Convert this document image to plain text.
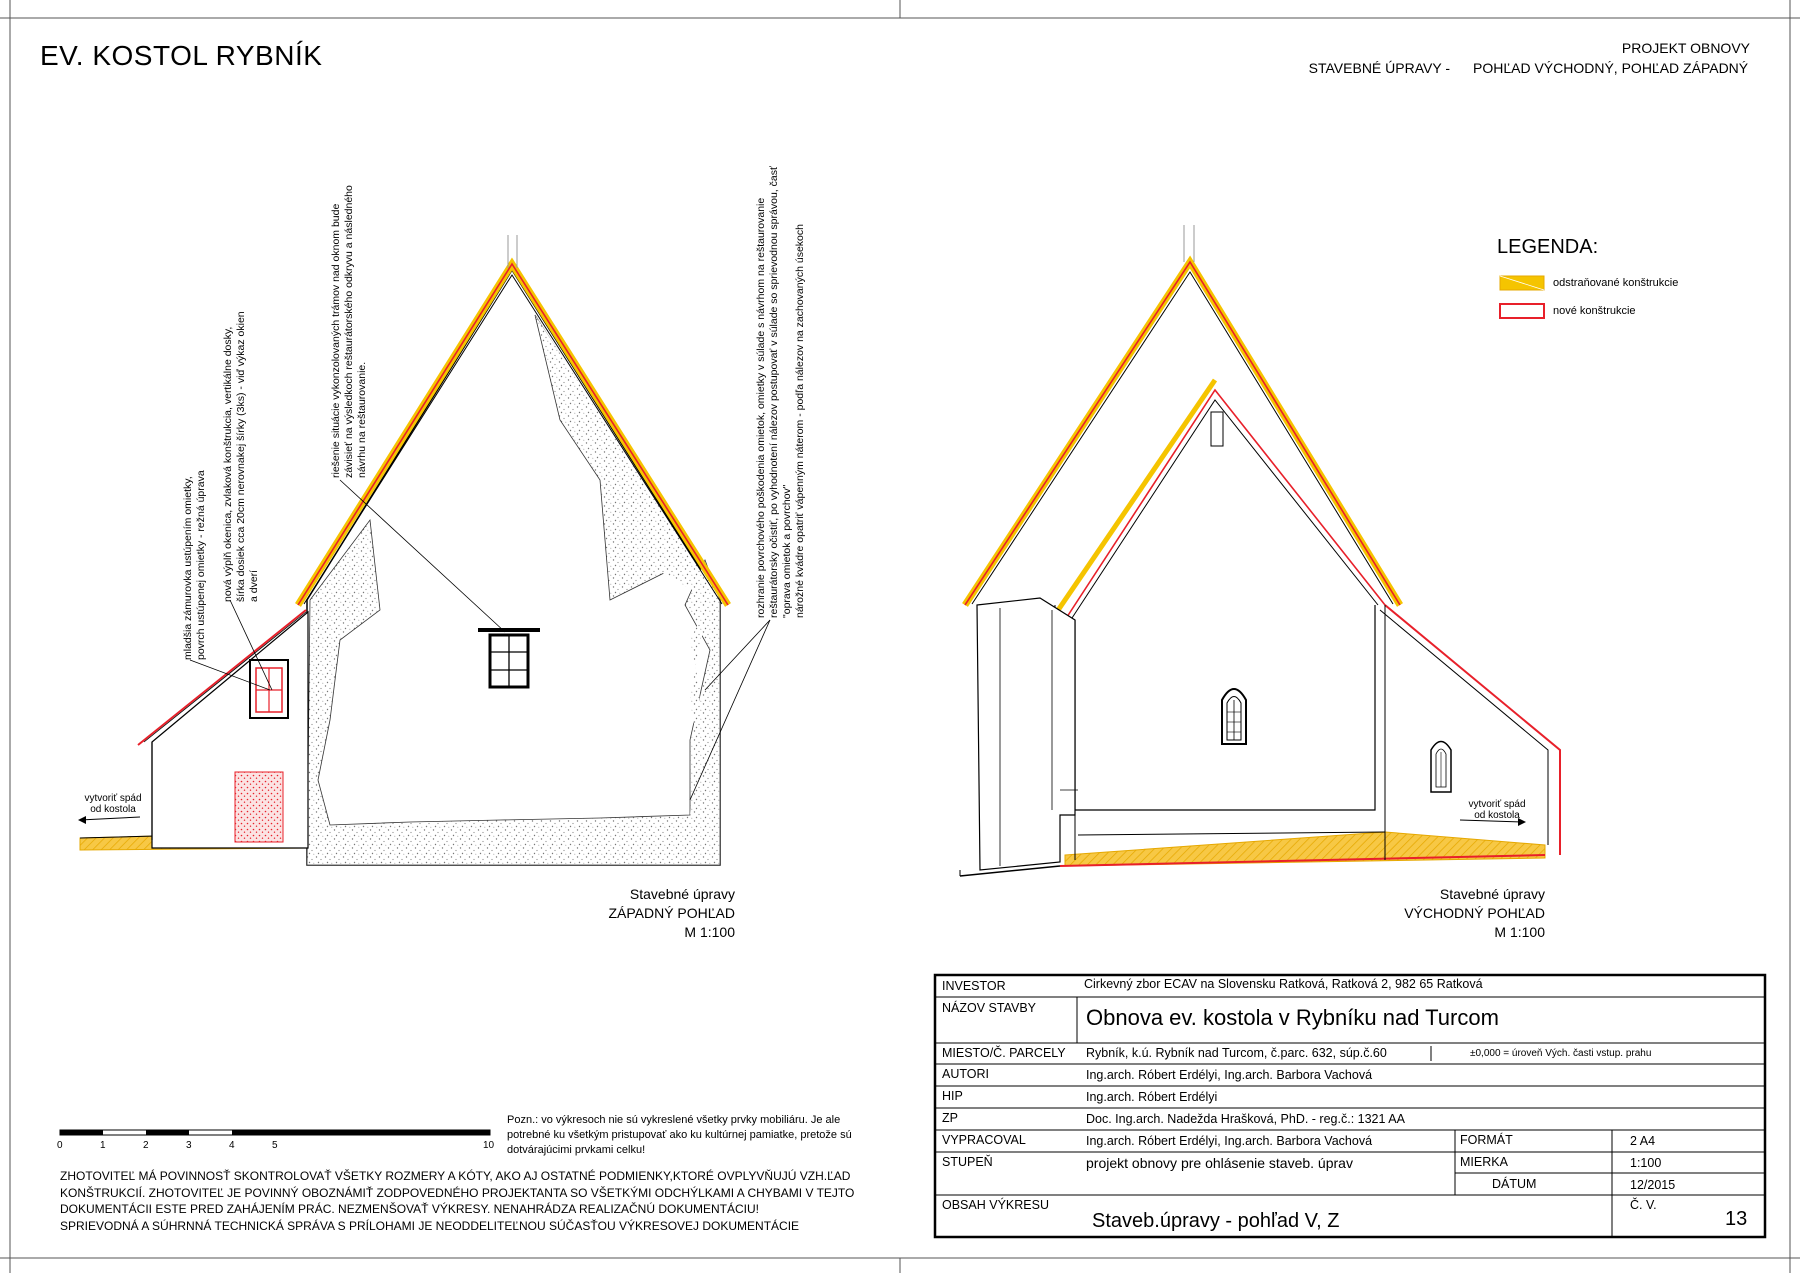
EV. KOSTOL RYBNÍK	PROJEKT OBNOVY
STAVEBNÉ ÚPRAVY - POHĽAD VÝCHODNÝ, POHĽAD ZÁPADNÝ
LEGENDA:
odstraňované konštrukcie
nové konštrukcie
mladšia zámurovka ustúpením omietky, povrch ustúpenej omietky - režná úprava nová výplň okenica, zvlaková konštrukcia, vertikálne dosky, šírka dosiek cca 20cm nerovnakej šírky (3ks) - viď výkaz okien a dverí
riešenie situácie vykonzolovaných trámov nad oknom bude závisieť na výsledkoch reštaurátorského odkryvu a následného návrhu na reštaurovanie.	rozhranie povrchového poškodenia omietok, omietky v súlade s návrhom na reštaurovanie reštaurátorsky očistiť, po vyhodnotení nálezov postupovať v súlade so sprievodnou správou, časť "oprava omietok a povrchov" nárožné kvádre opatriť vápenným náterom - podľa nálezov na zachovaných úsekoch
vytvoriť spád
od kostola	vytvoriť spád
od kostola
Stavebné úpravy
ZÁPADNÝ POHĽAD
M 1:100
Stavebné úpravy
VÝCHODNÝ POHĽAD
M 1:100
0	1	2	3	4	5	10
Pozn.: vo výkresoch nie sú vykreslené všetky prvky mobiliáru. Je ale potrebné ku všetkým pristupovať ako ku kultúrnej pamiatke, pretože sú dotvárajúcimi prvkami celku!
ZHOTOVITEĽ MÁ POVINNOSŤ SKONTROLOVAŤ VŠETKY ROZMERY A KÓTY, AKO AJ OSTATNÉ PODMIENKY,KTORÉ OVPLYVŇUJÚ VZH.ĽAD
KONŠTRUKCIÍ. ZHOTOVITEĽ JE POVINNÝ OBOZNÁMIŤ ZODPOVEDNÉHO PROJEKTANTA SO VŠETKÝMI ODCHÝLKAMI A CHYBAMI V TEJTO
DOKUMENTÁCII ESTE PRED ZAHÁJENÍM PRÁC. NEZMENŠOVAŤ VÝKRESY. NENAHRÁDZA REALIZAČNÚ DOKUMENTÁCIU!
SPRIEVODNÁ A SÚHRNNÁ TECHNICKÁ SPRÁVA S PRÍLOHAMI JE NEODDELITEĽNOU SÚČASŤOU VÝKRESOVEJ DOKUMENTÁCIE
INVESTOR	Cirkevný zbor ECAV na Slovensku Ratková, Ratková 2, 982 65 Ratková
NÁZOV STAVBY Obnova ev. kostola v Rybníku nad Turcom
MIESTO/Č. PARCELY Rybník, k.ú. Rybník nad Turcom, č.parc. 632, súp.č.60	±0,000 = úroveň Vých. časti vstup. prahu
AUTORI	Ing.arch. Róbert Erdélyi, Ing.arch. Barbora Vachová
HIP	Ing.arch. Róbert Erdélyi
ZP	Doc. Ing.arch. Nadežda Hrašková, PhD. - reg.č.: 1321 AA
VYPRACOVAL	Ing.arch. Róbert Erdélyi, Ing.arch. Barbora Vachová
STUPEŇ	projekt obnovy pre ohlásenie staveb. úprav
FORMÁT	2 A4
MIERKA	1:100
DÁTUM	12/2015
OBSAH VÝKRESU
Staveb.úpravy - pohľad V, Z
Č. V.
13
